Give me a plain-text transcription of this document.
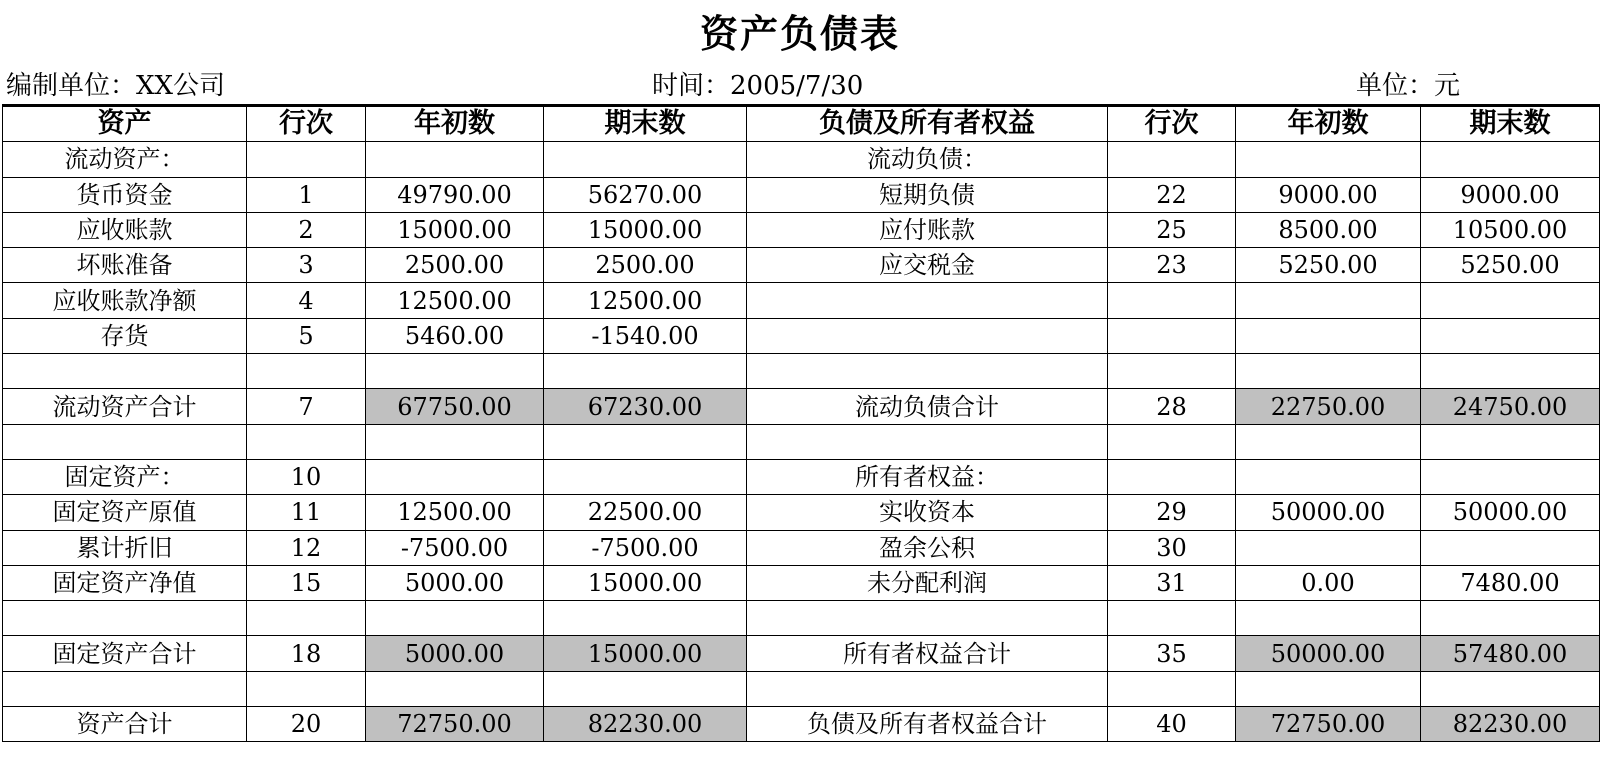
资产负债表
编制单位：XX公司	时间：2005/7/30	单位：元
资产	行次	年初数	期末数	负债及所有者权益	行次	年初数	期末数
流动资产：				流动负债：			
货币资金	1	49790.00	56270.00	短期负债	22	9000.00	9000.00
应收账款	2	15000.00	15000.00	应付账款	25	8500.00	10500.00
坏账准备	3	2500.00	2500.00	应交税金	23	5250.00	5250.00
应收账款净额	4	12500.00	12500.00				
存货	5	5460.00	-1540.00				

流动资产合计	7	67750.00	67230.00	流动负债合计	28	22750.00	24750.00

固定资产：	10			所有者权益：			
固定资产原值	11	12500.00	22500.00	实收资本	29	50000.00	50000.00
累计折旧	12	-7500.00	-7500.00	盈余公积	30		
固定资产净值	15	5000.00	15000.00	未分配利润	31	0.00	7480.00

固定资产合计	18	5000.00	15000.00	所有者权益合计	35	50000.00	57480.00

资产合计	20	72750.00	82230.00	负债及所有者权益合计	40	72750.00	82230.00
